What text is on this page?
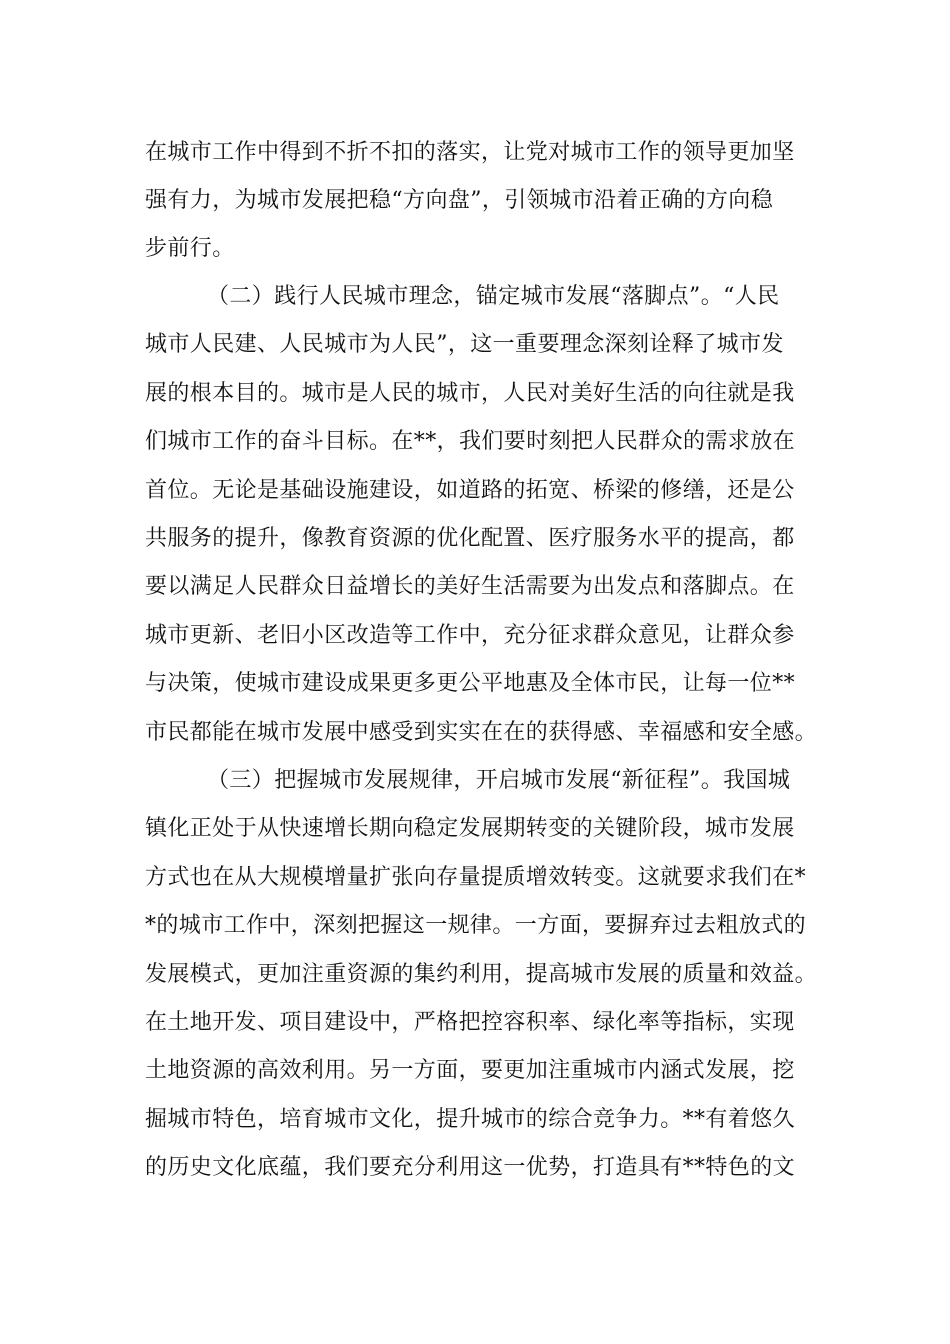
在城市工作中得到不折不扣的落实，让党对城市工作的领导更加坚
强有力，为城市发展把稳“方向盘”，引领城市沿着正确的方向稳
步前行。
（二）践行人民城市理念，锚定城市发展“落脚点”。“人民
城市人民建、人民城市为人民”，这一重要理念深刻诠释了城市发
展的根本目的。城市是人民的城市，人民对美好生活的向往就是我
们城市工作的奋斗目标。在**，我们要时刻把人民群众的需求放在
首位。无论是基础设施建设，如道路的拓宽、桥梁的修缮，还是公
共服务的提升，像教育资源的优化配置、医疗服务水平的提高，都
要以满足人民群众日益增长的美好生活需要为出发点和落脚点。在
城市更新、老旧小区改造等工作中，充分征求群众意见，让群众参
与决策，使城市建设成果更多更公平地惠及全体市民，让每一位**
市民都能在城市发展中感受到实实在在的获得感、幸福感和安全感。
（三）把握城市发展规律，开启城市发展“新征程”。我国城
镇化正处于从快速增长期向稳定发展期转变的关键阶段，城市发展
方式也在从大规模增量扩张向存量提质增效转变。这就要求我们在*
*的城市工作中，深刻把握这一规律。一方面，要摒弃过去粗放式的
发展模式，更加注重资源的集约利用，提高城市发展的质量和效益。
在土地开发、项目建设中，严格把控容积率、绿化率等指标，实现
土地资源的高效利用。另一方面，要更加注重城市内涵式发展，挖
掘城市特色，培育城市文化，提升城市的综合竞争力。**有着悠久
的历史文化底蕴，我们要充分利用这一优势，打造具有**特色的文
